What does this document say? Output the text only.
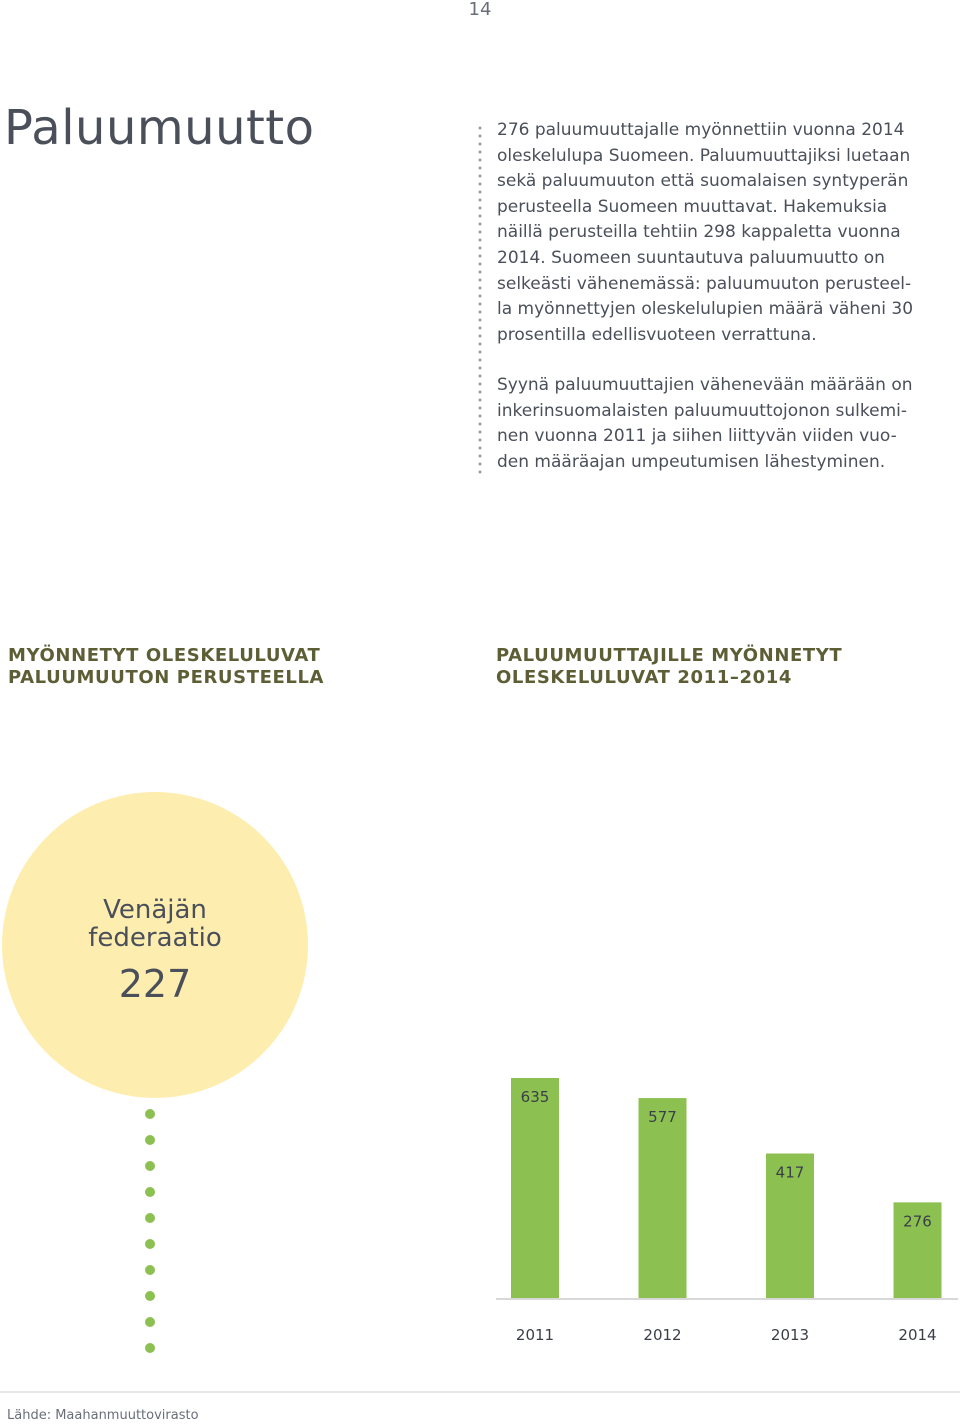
14
Paluumuutto	276 paluumuuttajalle myönnettiin vuonna 2014
oleskelulupa Suomeen. Paluumuuttajiksi luetaan
sekä paluumuuton että suomalaisen syntyperän
perusteella Suomeen muuttavat. Hakemuksia
näillä perusteilla tehtiin 298 kappaletta vuonna
2014. Suomeen suuntautuva paluumuutto on
selkeästi vähenemässä: paluumuuton perusteel-
la myönnettyjen oleskelulupien määrä väheni 30
prosentilla edellisvuoteen verrattuna.

Syynä paluumuuttajien vähenevään määrään on
inkerinsuomalaisten paluumuuttojonon sulkemi-
nen vuonna 2011 ja siihen liittyvän viiden vuo-
den määräajan umpeutumisen lähestyminen.

MYÖNNETYT OLESKELULUVAT
PALUUMUUTON PERUSTEELLA
PALUUMUUTTAJILLE MYÖNNETYT
OLESKELULUVAT 2011–2014
Venäjän
federaatio
227
635
2011
577
2012
417
2013
276
2014
Lähde: Maahanmuuttovirasto
